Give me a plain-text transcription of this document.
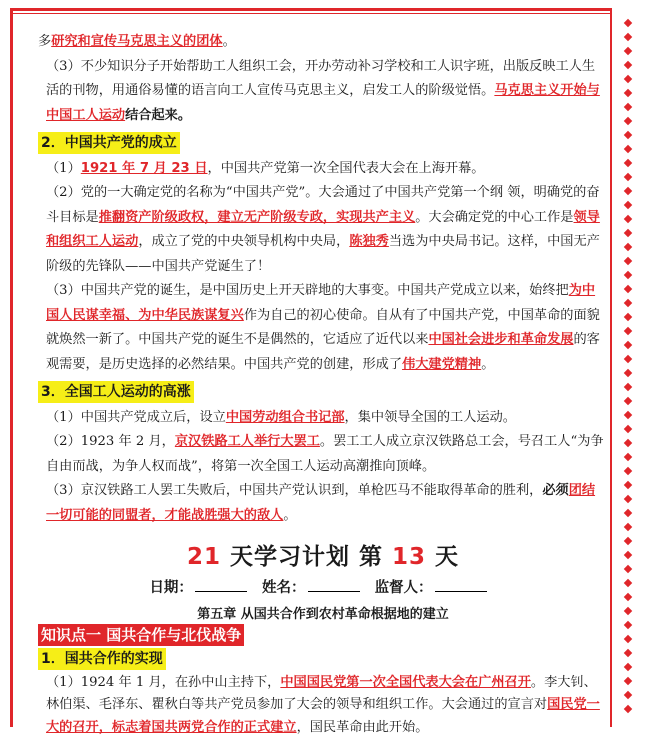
多研究和宣传马克思主义的团体。

（3）不少知识分子开始帮助工人组织工会，开办劳动补习学校和工人识字班，出版反映工人生活的刊物，用通俗易懂的语言向工人宣传马克思主义，启发工人的阶级觉悟。马克思主义开始与中国工人运动结合起来。

2．中国共产党的成立

（1）1921 年 7 月 23 日，中国共产党第一次全国代表大会在上海开幕。

（2）党的一大确定党的名称为“中国共产党”。大会通过了中国共产党第一个纲 领，明确党的奋斗目标是推翻资产阶级政权，建立无产阶级专政，实现共产主义。大会确定党的中心工作是领导和组织工人运动，成立了党的中央领导机构中央局，陈独秀当选为中央局书记。这样，中国无产阶级的先锋队——中国共产党诞生了！

（3）中国共产党的诞生，是中国历史上开天辟地的大事变。中国共产党成立以来，始终把为中国人民谋幸福、为中华民族谋复兴作为自己的初心使命。自从有了中国共产党，中国革命的面貌就焕然一新了。中国共产党的诞生不是偶然的，它适应了近代以来中国社会进步和革命发展的客观需要，是历史选择的必然结果。中国共产党的创建，形成了伟大建党精神。

3．全国工人运动的高涨

（1）中国共产党成立后，设立中国劳动组合书记部，集中领导全国的工人运动。

（2）1923 年 2 月，京汉铁路工人举行大罢工。罢工工人成立京汉铁路总工会，号召工人“为争自由而战，为争人权而战”，将第一次全国工人运动高潮推向顶峰。

（3）京汉铁路工人罢工失败后，中国共产党认识到，单枪匹马不能取得革命的胜利，必须团结一切可能的同盟者，才能战胜强大的敌人。

21 天学习计划 第 13 天
日期：	姓名：	监督人：
第五章 从国共合作到农村革命根据地的建立
知识点一 国共合作与北伐战争
1．国共合作的实现

（1）1924 年 1 月，在孙中山主持下，中国国民党第一次全国代表大会在广州召开。李大钊、林伯渠、毛泽东、瞿秋白等共产党员参加了大会的领导和组织工作。大会通过的宣言对国民党一大的召开，标志着国共两党合作的正式建立，国民革命由此开始。
